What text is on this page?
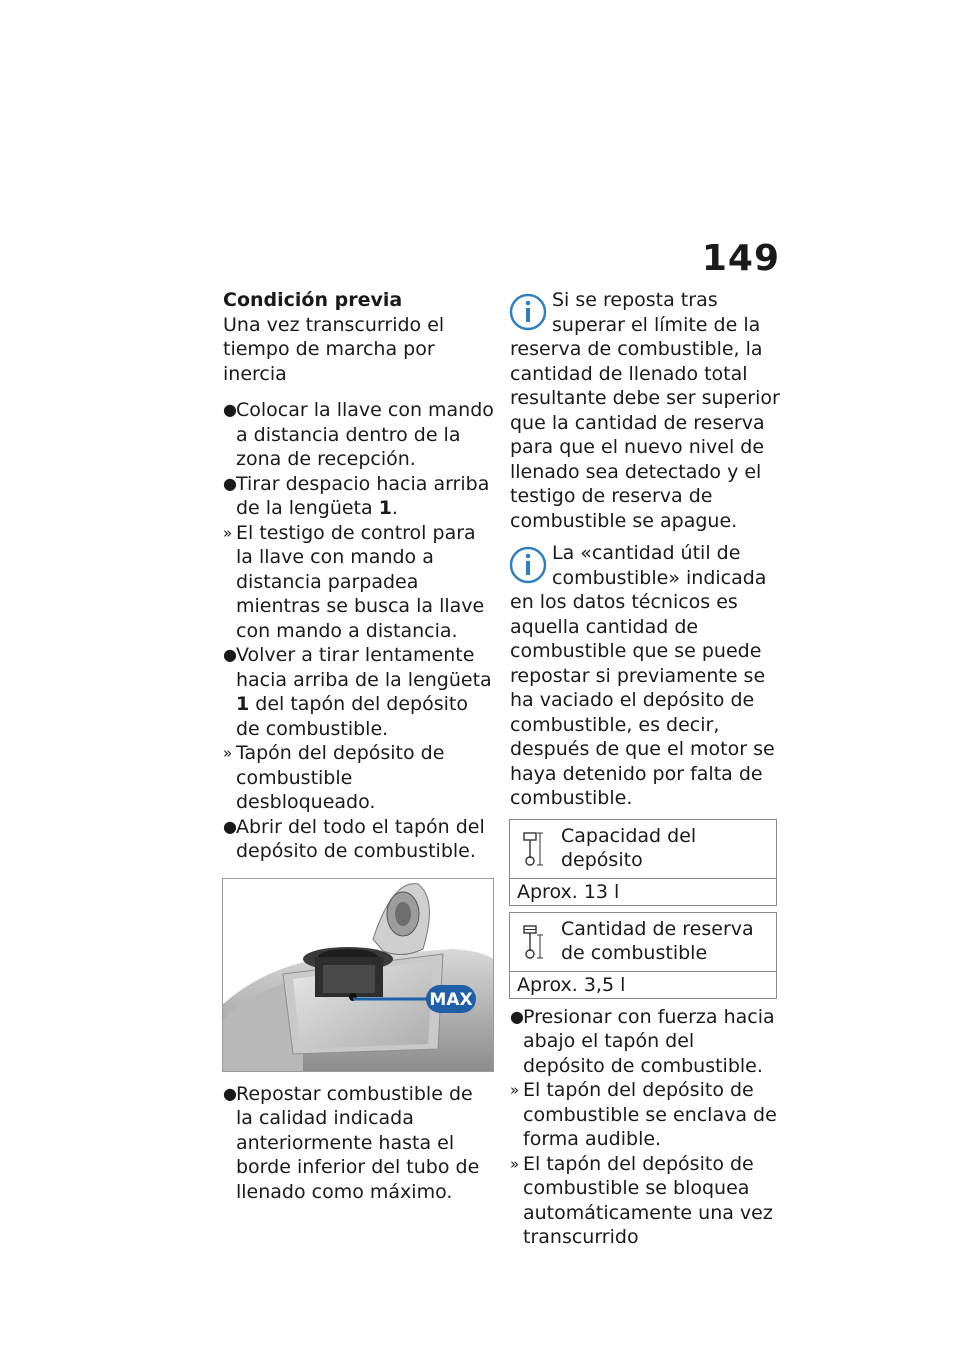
149

Condición previa

Una vez transcurrido el tiempo de marcha por inercia

● Colocar la llave con mando a distancia dentro de la zona de recepción.

● Tirar despacio hacia arriba de la lengüeta 1.

» El testigo de control para la llave con mando a distancia parpadea mientras se busca la llave con mando a distancia.

● Volver a tirar lentamente hacia arriba de la lengüeta 1 del tapón del depósito de combustible.

» Tapón del depósito de combustible desbloqueado.

● Abrir del todo el tapón del depósito de combustible.

MAX

● Repostar combustible de la calidad indicada anteriormente hasta el borde inferior del tubo de llenado como máximo.

Si se reposta tras superar el límite de la reserva de combustible, la cantidad de llenado total resultante debe ser superior que la cantidad de reserva para que el nuevo nivel de llenado sea detectado y el testigo de reserva de combustible se apague.
La «cantidad útil de combustible» indicada en los datos técnicos es aquella cantidad de combustible que se puede repostar si previamente se ha vaciado el depósito de combustible, es decir, después de que el motor se haya detenido por falta de combustible.
Capacidad del depósito

Aprox. 13 l
Cantidad de reserva de combustible

Aprox. 3,5 l

● Presionar con fuerza hacia abajo el tapón del depósito de combustible.

» El tapón del depósito de combustible se enclava de forma audible.

» El tapón del depósito de combustible se bloquea automáticamente una vez transcurrido
